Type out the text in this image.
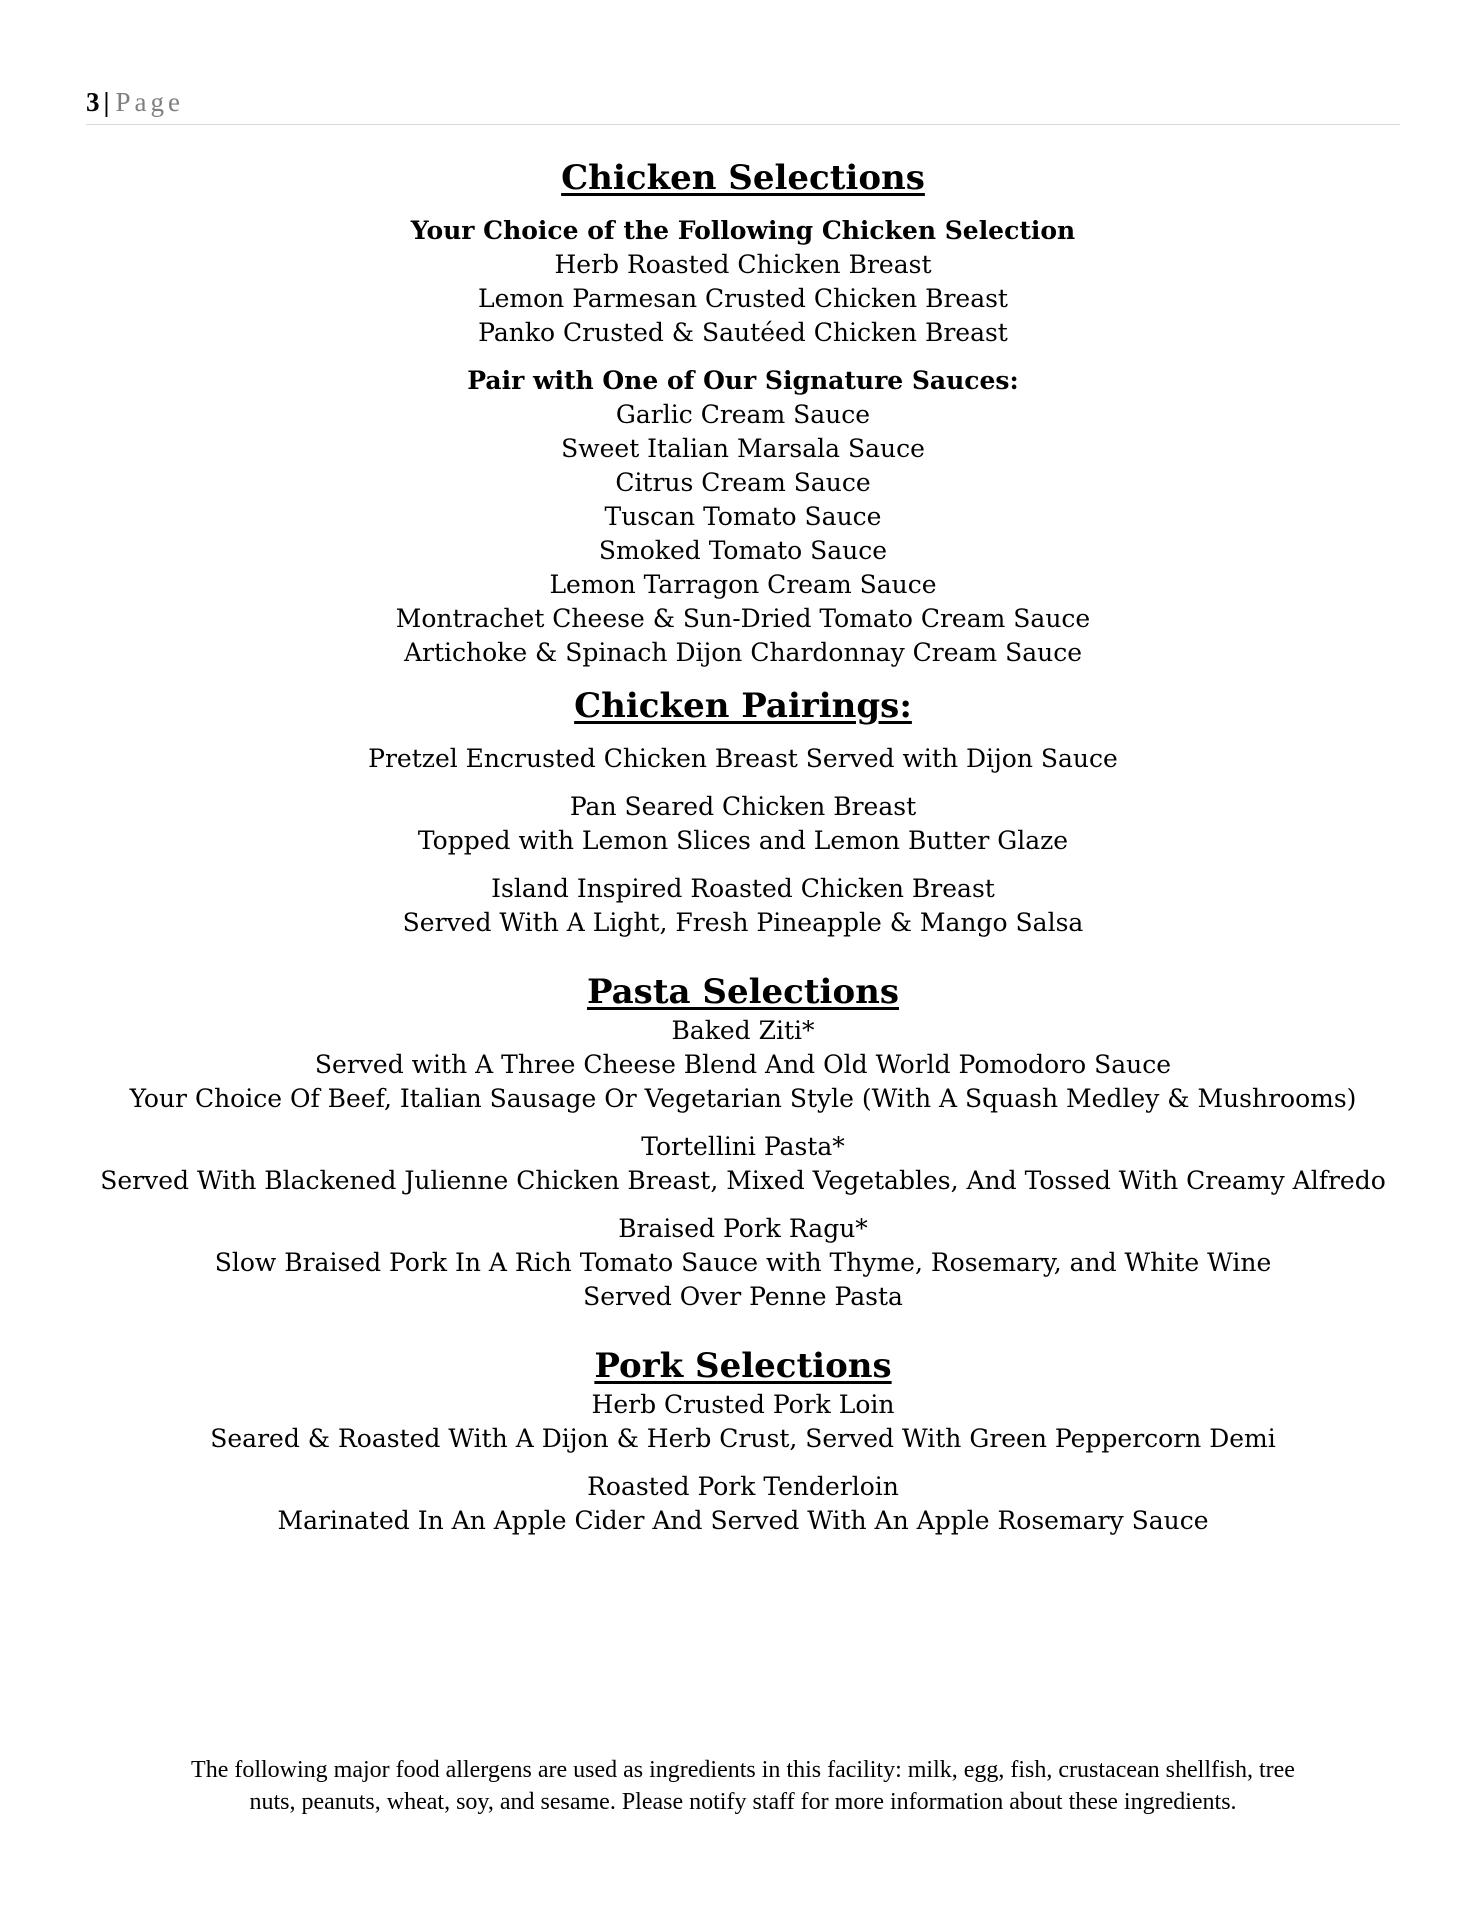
3 | Page
Chicken Selections
Your Choice of the Following Chicken Selection
Herb Roasted Chicken Breast
Lemon Parmesan Crusted Chicken Breast
Panko Crusted & Sautéed Chicken Breast
Pair with One of Our Signature Sauces:
Garlic Cream Sauce
Sweet Italian Marsala Sauce
Citrus Cream Sauce
Tuscan Tomato Sauce
Smoked Tomato Sauce
Lemon Tarragon Cream Sauce
Montrachet Cheese & Sun-Dried Tomato Cream Sauce
Artichoke & Spinach Dijon Chardonnay Cream Sauce
Chicken Pairings:
Pretzel Encrusted Chicken Breast Served with Dijon Sauce
Pan Seared Chicken Breast
Topped with Lemon Slices and Lemon Butter Glaze
Island Inspired Roasted Chicken Breast
Served With A Light, Fresh Pineapple & Mango Salsa
Pasta Selections
Baked Ziti*
Served with A Three Cheese Blend And Old World Pomodoro Sauce
Your Choice Of Beef, Italian Sausage Or Vegetarian Style (With A Squash Medley & Mushrooms)
Tortellini Pasta*
Served With Blackened Julienne Chicken Breast, Mixed Vegetables, And Tossed With Creamy Alfredo
Braised Pork Ragu*
Slow Braised Pork In A Rich Tomato Sauce with Thyme, Rosemary, and White Wine
Served Over Penne Pasta
Pork Selections
Herb Crusted Pork Loin
Seared & Roasted With A Dijon & Herb Crust, Served With Green Peppercorn Demi
Roasted Pork Tenderloin
Marinated In An Apple Cider And Served With An Apple Rosemary Sauce
The following major food allergens are used as ingredients in this facility: milk, egg, fish, crustacean shellfish, tree
nuts, peanuts, wheat, soy, and sesame. Please notify staff for more information about these ingredients.
